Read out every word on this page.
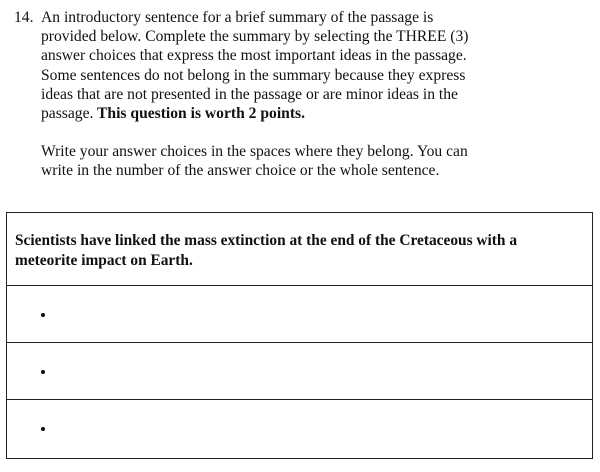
14. An introductory sentence for a brief summary of the passage is
provided below. Complete the summary by selecting the THREE (3)
answer choices that express the most important ideas in the passage.
Some sentences do not belong in the summary because they express
ideas that are not presented in the passage or are minor ideas in the
passage. This question is worth 2 points.

Write your answer choices in the spaces where they belong. You can
write in the number of the answer choice or the whole sentence.

Scientists have linked the mass extinction at the end of the Cretaceous with a
meteorite impact on Earth.
